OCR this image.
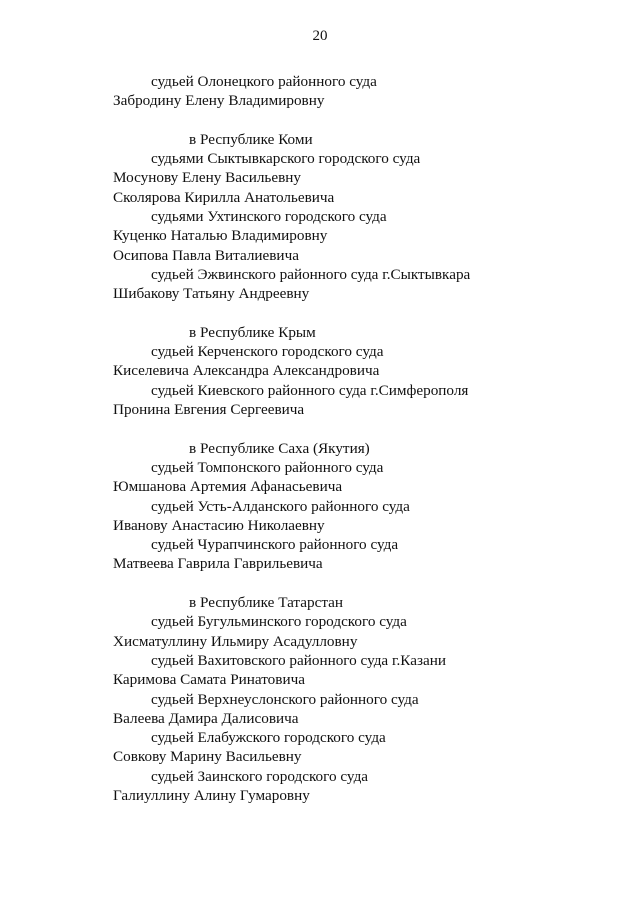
20
судьей Олонецкого районного суда
Забродину Елену Владимировну
в Республике Коми
судьями Сыктывкарского городского суда
Мосунову Елену Васильевну
Сколярова Кирилла Анатольевича
судьями Ухтинского городского суда
Куценко Наталью Владимировну
Осипова Павла Виталиевича
судьей Эжвинского районного суда г.Сыктывкара
Шибакову Татьяну Андреевну
в Республике Крым
судьей Керченского городского суда
Киселевича Александра Александровича
судьей Киевского районного суда г.Симферополя
Пронина Евгения Сергеевича
в Республике Саха (Якутия)
судьей Томпонского районного суда
Юмшанова Артемия Афанасьевича
судьей Усть-Алданского районного суда
Иванову Анастасию Николаевну
судьей Чурапчинского районного суда
Матвеева Гаврила Гаврильевича
в Республике Татарстан
судьей Бугульминского городского суда
Хисматуллину Ильмиру Асадулловну
судьей Вахитовского районного суда г.Казани
Каримова Самата Ринатовича
судьей Верхнеуслонского районного суда
Валеева Дамира Далисовича
судьей Елабужского городского суда
Совкову Марину Васильевну
судьей Заинского городского суда
Галиуллину Алину Гумаровну
